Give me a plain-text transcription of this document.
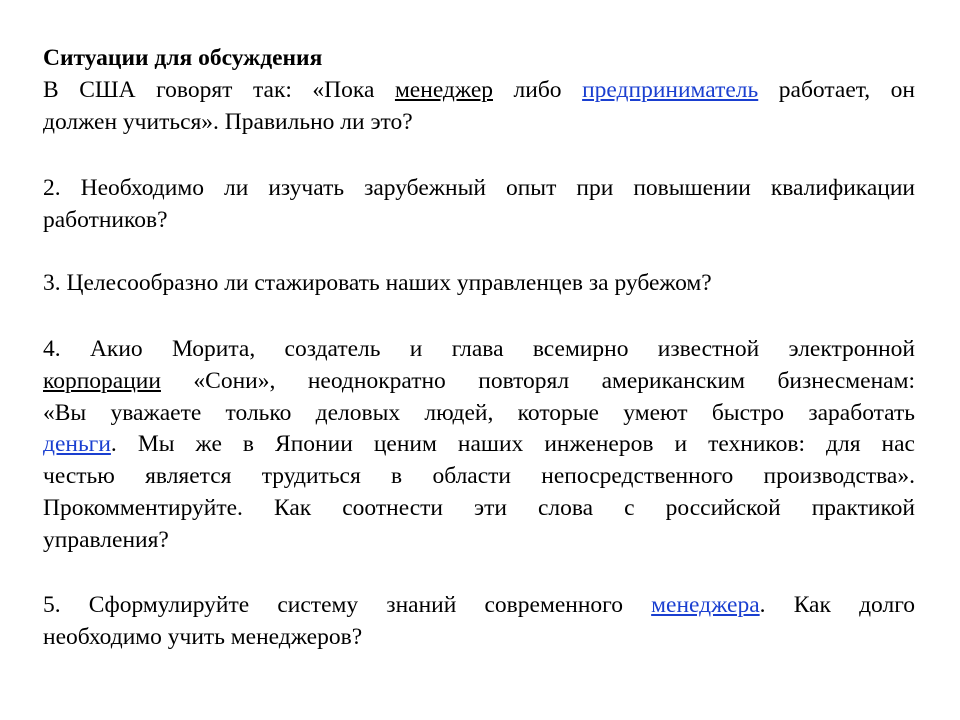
Ситуации для обсуждения
В США говорят так: «Пока менеджер либо предприниматель работает, он
должен учиться». Правильно ли это?
2. Необходимо ли изучать зарубежный опыт при повышении квалификации
работников?
3. Целесообразно ли стажировать наших управленцев за рубежом?
4. Акио Морита, создатель и глава всемирно известной электронной
корпорации «Сони», неоднократно повторял американским бизнесменам:
«Вы уважаете только деловых людей, которые умеют быстро заработать
деньги. Мы же в Японии ценим наших инженеров и техников: для нас
честью является трудиться в области непосредственного производства».
Прокомментируйте. Как соотнести эти слова с российской практикой
управления?
5. Сформулируйте систему знаний современного менеджера. Как долго
необходимо учить менеджеров?
